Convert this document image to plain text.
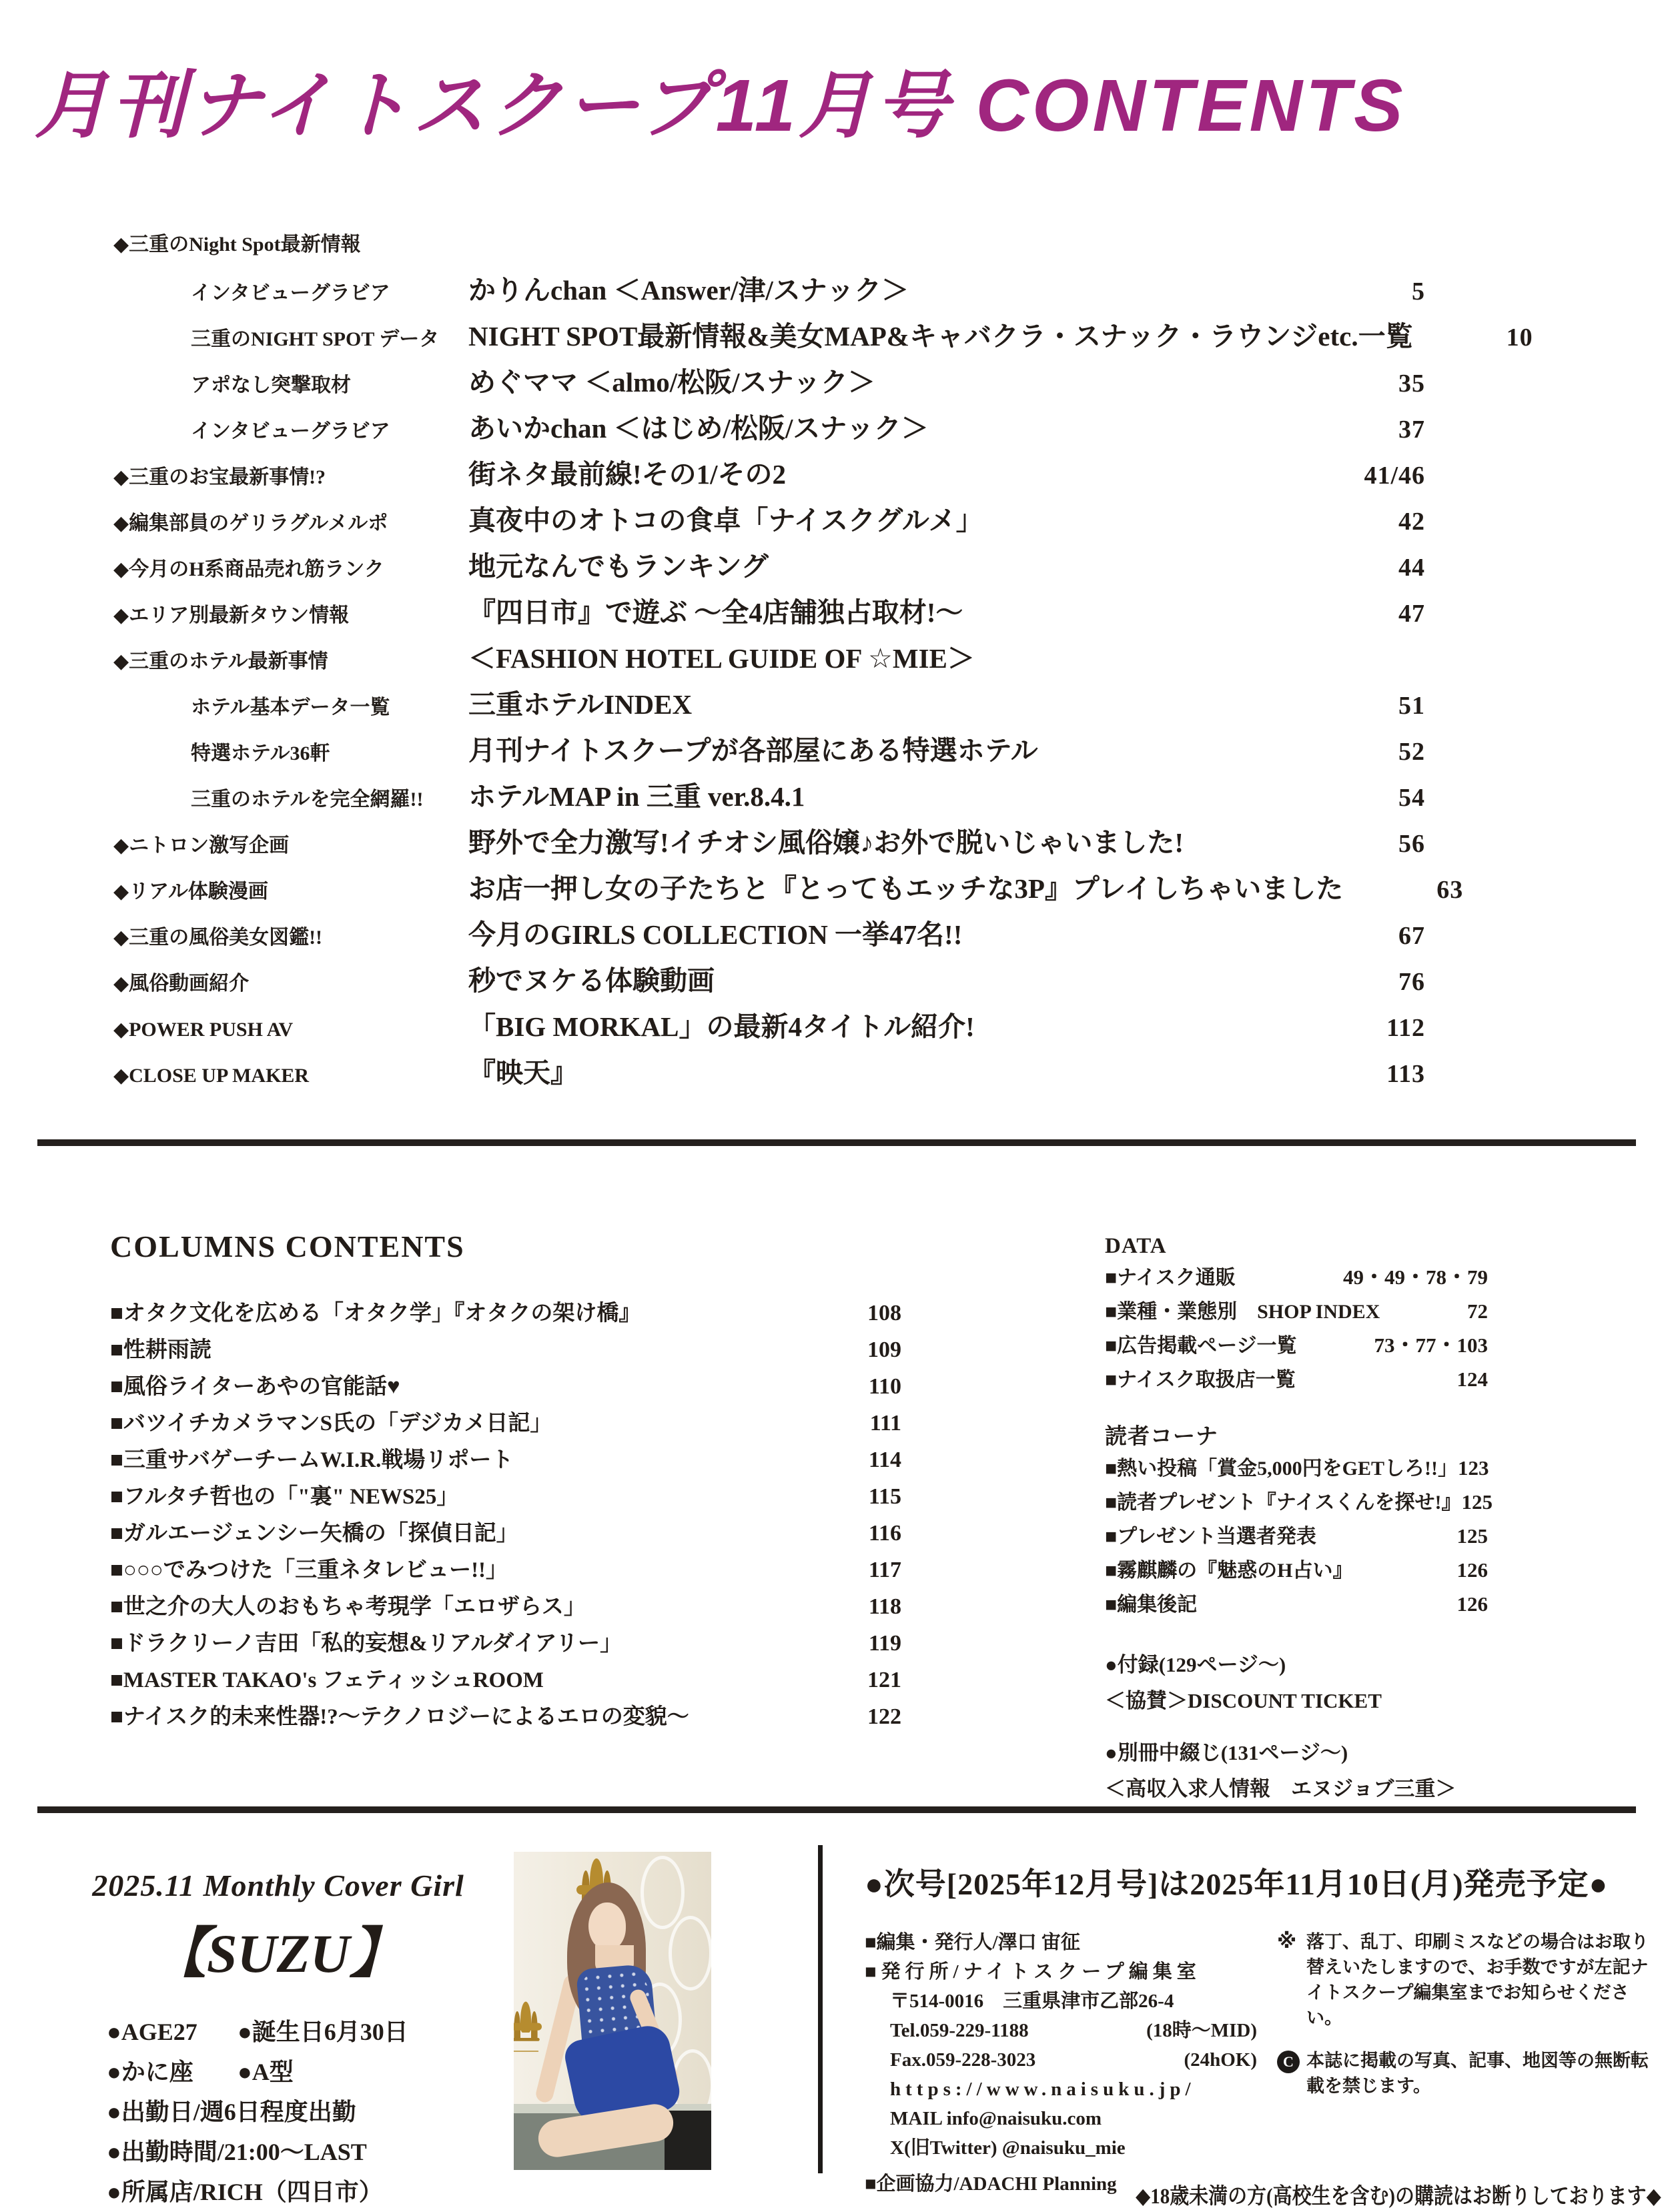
月刊ナイトスクープ11月号 CONTENTS
◆三重のNight Spot最新情報
インタビューグラビア	かりんchan ＜Answer/津/スナック＞	5
三重のNIGHT SPOT データ	NIGHT SPOT最新情報&美女MAP&キャバクラ・スナック・ラウンジetc.一覧	10
アポなし突撃取材	めぐママ ＜almo/松阪/スナック＞	35
インタビューグラビア	あいかchan ＜はじめ/松阪/スナック＞	37
◆三重のお宝最新事情!?	街ネタ最前線!その1/その2	41/46
◆編集部員のゲリラグルメルポ	真夜中のオトコの食卓「ナイスクグルメ」	42
◆今月のH系商品売れ筋ランク	地元なんでもランキング	44
◆エリア別最新タウン情報	『四日市』で遊ぶ ～全4店舗独占取材!～	47
◆三重のホテル最新事情	＜FASHION HOTEL GUIDE OF ☆MIE＞
ホテル基本データ一覧	三重ホテルINDEX	51
特選ホテル36軒	月刊ナイトスクープが各部屋にある特選ホテル	52
三重のホテルを完全網羅!!	ホテルMAP in 三重 ver.8.4.1	54
◆ニトロン激写企画	野外で全力激写!イチオシ風俗嬢♪お外で脱いじゃいました!	56
◆リアル体験漫画	お店一押し女の子たちと『とってもエッチな3P』プレイしちゃいました	63
◆三重の風俗美女図鑑!!	今月のGIRLS COLLECTION 一挙47名!!	67
◆風俗動画紹介	秒でヌケる体験動画	76
◆POWER PUSH AV	「BIG MORKAL」の最新4タイトル紹介!	112
◆CLOSE UP MAKER	『映天』	113
COLUMNS CONTENTS
■オタク文化を広める「オタク学」『オタクの架け橋』	108
■性耕雨読	109
■風俗ライターあやの官能話♥	110
■バツイチカメラマンS氏の「デジカメ日記」	111
■三重サバゲーチームW.I.R.戦場リポート	114
■フルタチ哲也の「"裏" NEWS25」	115
■ガルエージェンシー矢橋の「探偵日記」	116
■○○○でみつけた「三重ネタレビュー!!」	117
■世之介の大人のおもちゃ考現学「エロザらス」	118
■ドラクリーノ吉田「私的妄想&リアルダイアリー」	119
■MASTER TAKAO's フェティッシュROOM	121
■ナイスク的未来性器!?～テクノロジーによるエロの変貌～	122
DATA
■ナイスク通販	49・49・78・79
■業種・業態別　SHOP INDEX	72
■広告掲載ページ一覧	73・77・103
■ナイスク取扱店一覧	124
読者コーナ
■熱い投稿「賞金5,000円をGETしろ!!」 123
■読者プレゼント『ナイスくんを探せ!』 125
■プレゼント当選者発表	125
■霧麒麟の『魅惑のH占い』	126
■編集後記	126
●付録(129ページ～)
＜協賛＞DISCOUNT TICKET
●別冊中綴じ(131ページ～)
＜高収入求人情報　エヌジョブ三重＞
2025.11 Monthly Cover Girl
【SUZU】
●AGE27 ●誕生日6月30日
●かに座 ●A型
●出勤日/週6日程度出勤
●出勤時間/21:00～LAST
●所属店/RICH（四日市）
●次号[2025年12月号]は2025年11月10日(月)発売予定●
■編集・発行人/澤口 宙征
■発行所/ナイトスクープ編集室
〒514-0016　三重県津市乙部26-4
Tel.059-229-1188	(18時～MID)
Fax.059-228-3023	(24hOK)
https://www.naisuku.jp/
MAIL info@naisuku.com
X(旧Twitter) @naisuku_mie
■企画協力/ADACHI Planning
※ 落丁、乱丁、印刷ミスなどの場合はお取り替えいたしますので、お手数ですが左記ナイトスクープ編集室までお知らせください。
C 本誌に掲載の写真、記事、地図等の無断転載を禁じます。
◆18歳未満の方(高校生を含む)の購読はお断りしております◆
